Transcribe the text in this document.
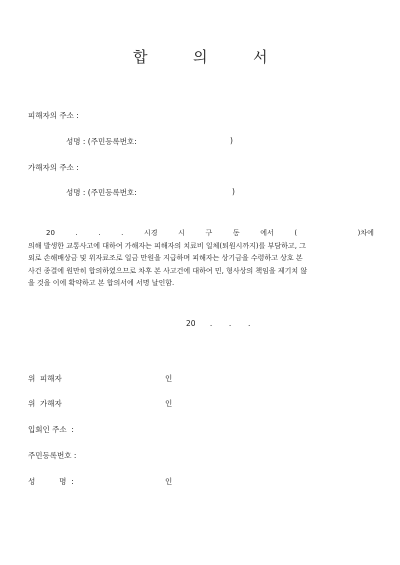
합	의	서
피해자의 주소 :
성명 : (주민등록번호:	)
가해자의 주소 :
성명 : (주민등록번호:	)
20	.	.	.	시경	시	구	동	에서	(	)차에
의해 발생한 교통사고에 대하여 가해자는 피해자의 치료비 일체(퇴원시까지)를 부담하고, 그
외로 손해배상금 및 위자료조로 일금 만원을 지급하며 피해자는 상기금을 수령하고 상호 본
사건 종결에 원만히 합의하였으므로 차후 본 사고건에 대하여 민, 형사상의 책임을 제기치 않
을 것을 이에 확약하고 본 합의서에 서명 날인함.
20      .       .       .
위  피해자	인
위  가해자	인
입회인 주소  :
주민등록번호 :
성          명  :	인
